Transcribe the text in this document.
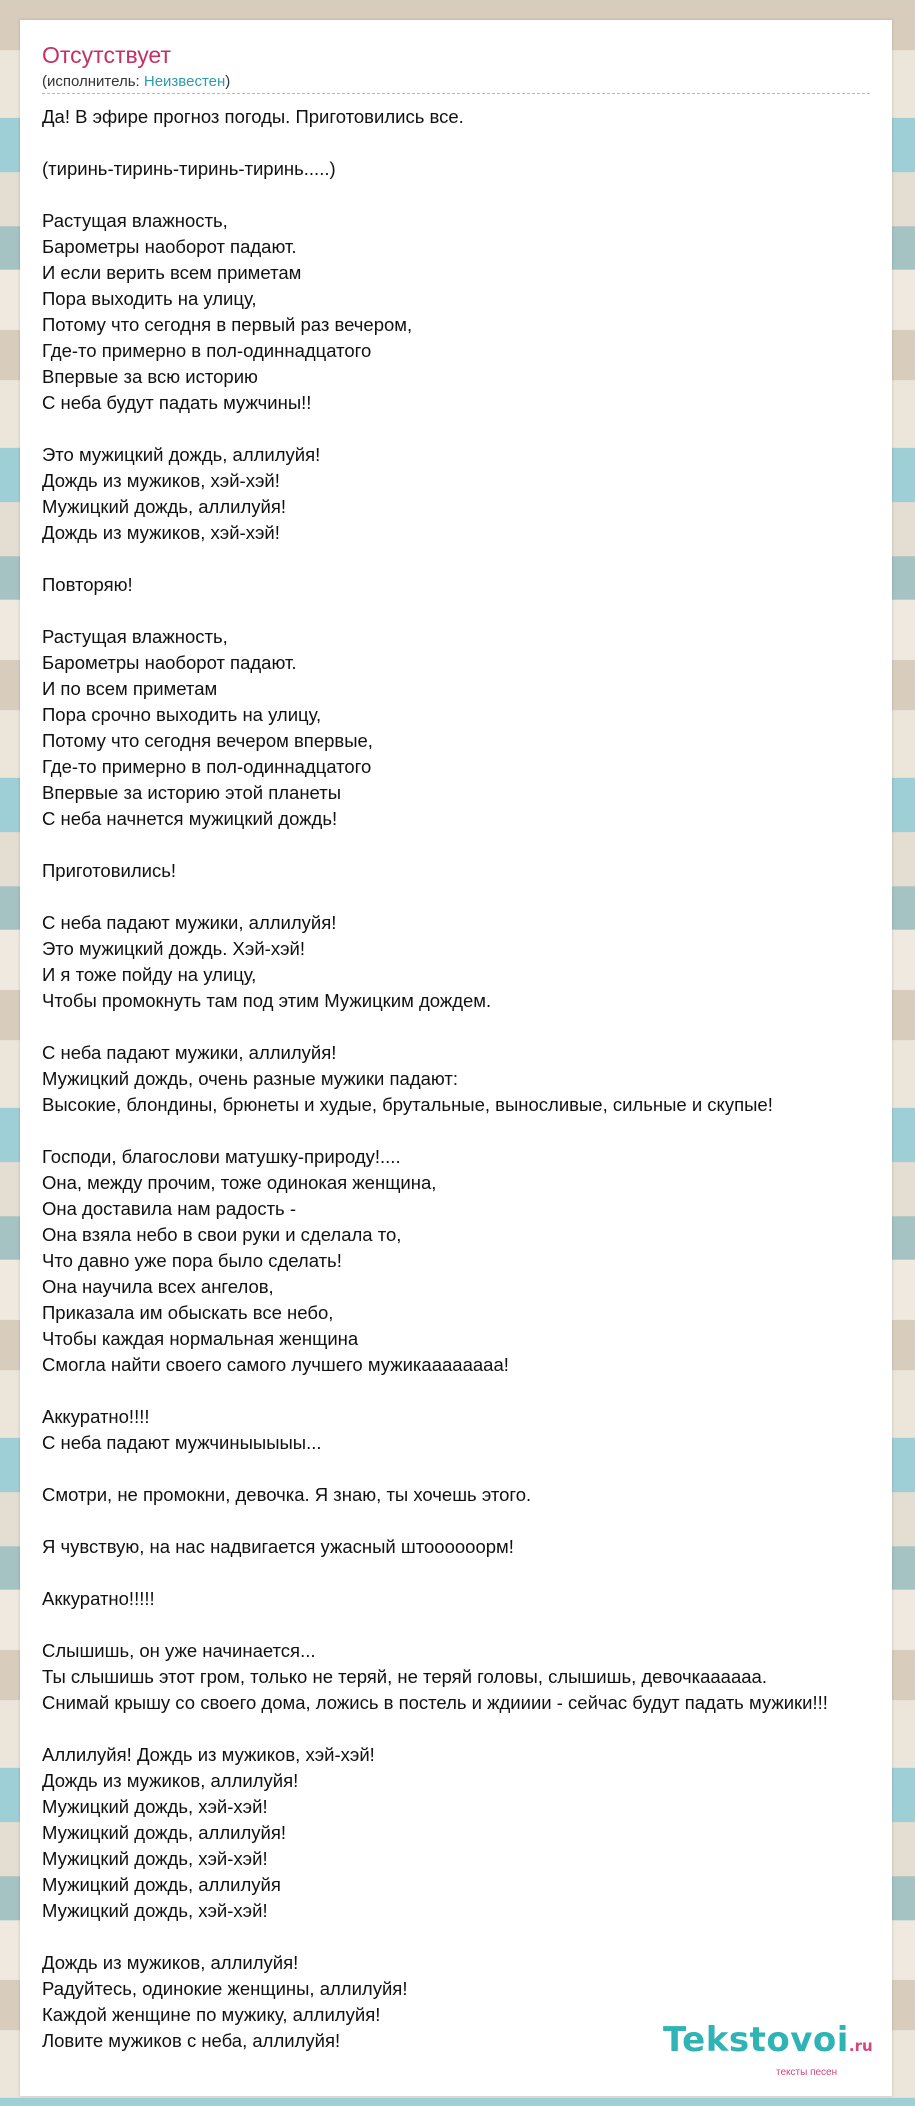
Отсутствует
(исполнитель: Неизвестен)
Да! В эфире прогноз погоды. Приготовились все.
(тиринь-тиринь-тиринь-тиринь.....)
Растущая влажность,
Барометры наоборот падают.
И если верить всем приметам
Пора выходить на улицу,
Потому что сегодня в первый раз вечером,
Где-то примерно в пол-одиннадцатого
Впервые за всю историю
С неба будут падать мужчины!!
Это мужицкий дождь, аллилуйя!
Дождь из мужиков, хэй-хэй!
Мужицкий дождь, аллилуйя!
Дождь из мужиков, хэй-хэй!
Повторяю!
Растущая влажность,
Барометры наоборот падают.
И по всем приметам
Пора срочно выходить на улицу,
Потому что сегодня вечером впервые,
Где-то примерно в пол-одиннадцатого
Впервые за историю этой планеты
С неба начнется мужицкий дождь!
Приготовились!
С неба падают мужики, аллилуйя!
Это мужицкий дождь. Хэй-хэй!
И я тоже пойду на улицу,
Чтобы промокнуть там под этим Мужицким дождем.
С неба падают мужики, аллилуйя!
Мужицкий дождь, очень разные мужики падают:
Высокие, блондины, брюнеты и худые, брутальные, выносливые, сильные и скупые!
Господи, благослови матушку-природу!....
Она, между прочим, тоже одинокая женщина,
Она доставила нам радость -
Она взяла небо в свои руки и сделала то,
Что давно уже пора было сделать!
Она научила всех ангелов,
Приказала им обыскать все небо,
Чтобы каждая нормальная женщина
Смогла найти своего самого лучшего мужикаааааааа!
Аккуратно!!!!
С неба падают мужчиныыыыы...
Смотри, не промокни, девочка. Я знаю, ты хочешь этого.
Я чувствую, на нас надвигается ужасный штоооооорм!
Аккуратно!!!!!
Слышишь, он уже начинается...
Ты слышишь этот гром, только не теряй, не теряй головы, слышишь, девочкаааааа.
Снимай крышу со своего дома, ложись в постель и ждииии - сейчас будут падать мужики!!!
Аллилуйя! Дождь из мужиков, хэй-хэй!
Дождь из мужиков, аллилуйя!
Мужицкий дождь, хэй-хэй!
Мужицкий дождь, аллилуйя!
Мужицкий дождь, хэй-хэй!
Мужицкий дождь, аллилуйя
Мужицкий дождь, хэй-хэй!
Дождь из мужиков, аллилуйя!
Радуйтесь, одинокие женщины, аллилуйя!
Каждой женщине по мужику, аллилуйя!
Ловите мужиков с неба, аллилуйя!	Tekstovoi.ru
тексты песен
